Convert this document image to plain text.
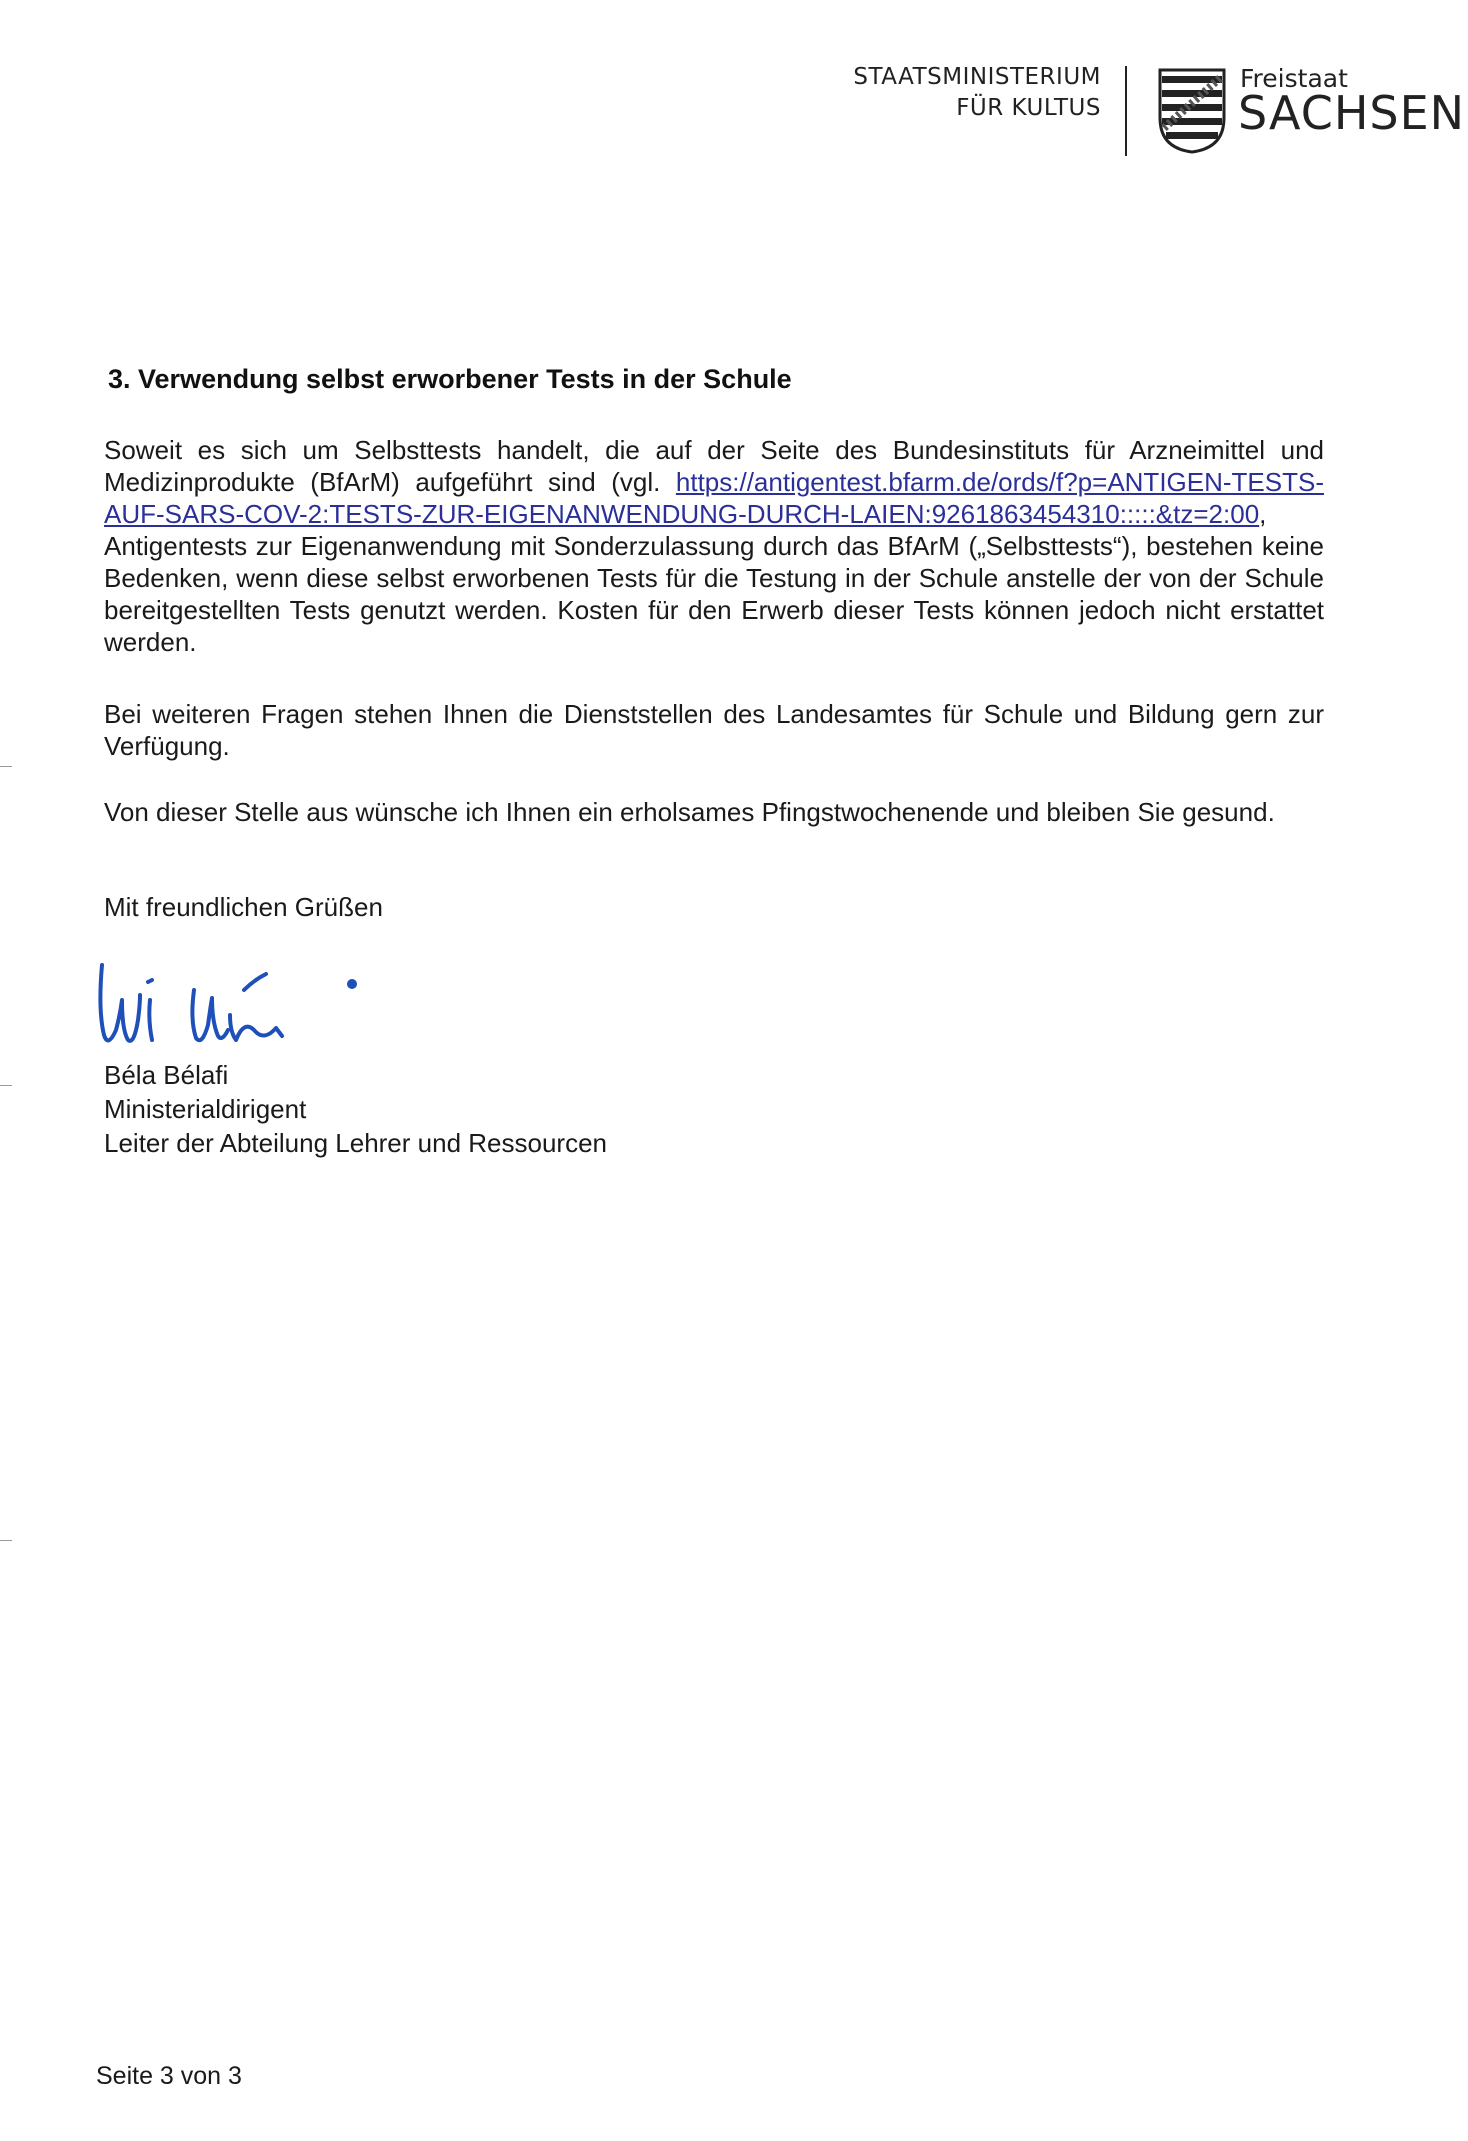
STAATSMINISTERIUM
FÜR KULTUS
Freistaat
SACHSEN
3. Verwendung selbst erworbener Tests in der Schule
Soweit es sich um Selbsttests handelt, die auf der Seite des Bundesinstituts für Arzneimittel und Medizinprodukte (BfArM) aufgeführt sind (vgl. https://antigentest.bfarm.de/ords/f?p=ANTIGEN-TESTS-AUF-SARS-COV-2:TESTS-ZUR-EIGENANWENDUNG-DURCH-LAIEN:9261863454310:::::&tz=2:00, Antigentests zur Eigenanwendung mit Sonderzulassung durch das BfArM („Selbsttests“), bestehen keine Bedenken, wenn diese selbst erworbenen Tests für die Testung in der Schule anstelle der von der Schule bereitgestellten Tests genutzt werden. Kosten für den Erwerb dieser Tests können jedoch nicht erstattet werden.
Bei weiteren Fragen stehen Ihnen die Dienststellen des Landesamtes für Schule und Bildung gern zur Verfügung.
Von dieser Stelle aus wünsche ich Ihnen ein erholsames Pfingstwochenende und bleiben Sie gesund.
Mit freundlichen Grüßen
Béla Bélafi
Ministerialdirigent
Leiter der Abteilung Lehrer und Ressourcen
Seite 3 von 3
